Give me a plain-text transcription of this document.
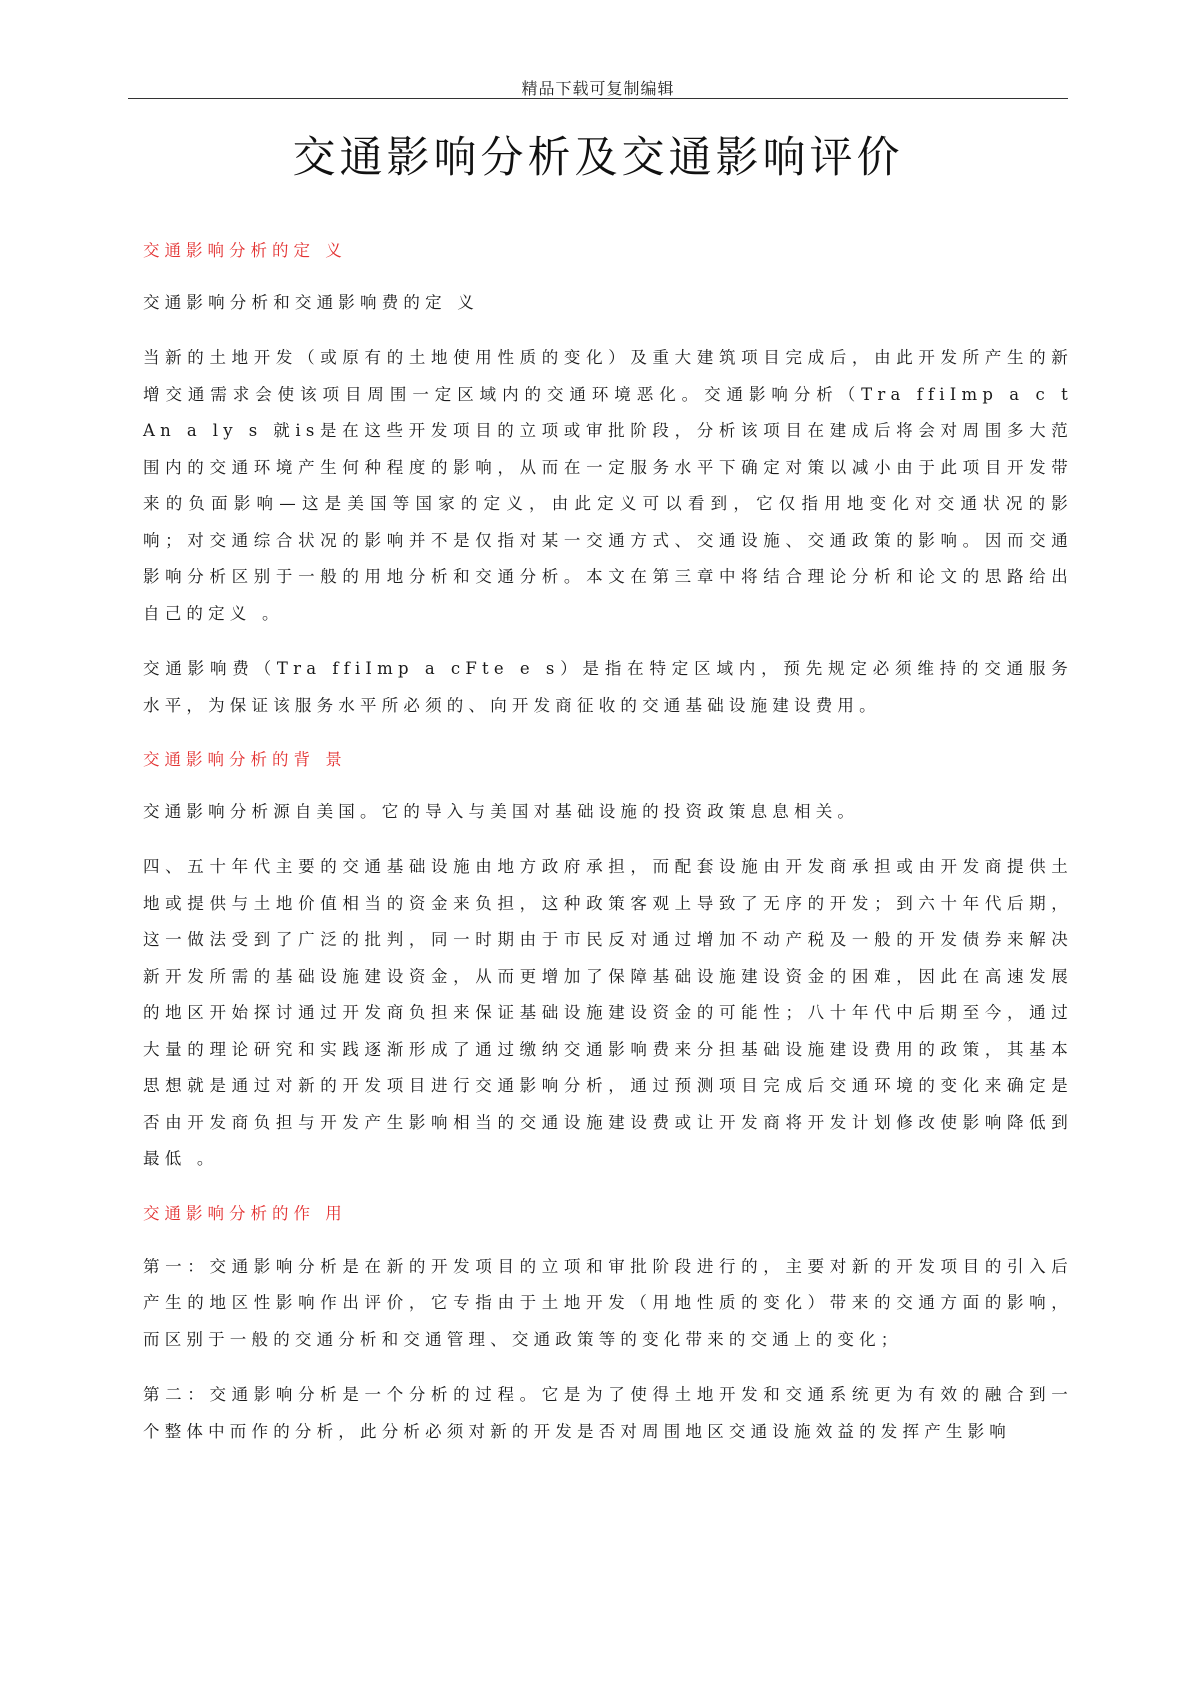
精品下载可复制编辑
交通影响分析及交通影响评价
交通影响分析的定 义

交通影响分析和交通影响费的定 义

当新的土地开发（或原有的土地使用性质的变化）及重大建筑项目完成后，由此开发所产生的新增交通需求会使该项目周围一定区域内的交通环境恶化。交通影响分析（Tra ffiImp a c t An a ly s 就is是在这些开发项目的立项或审批阶段，分析该项目在建成后将会对周围多大范围内的交通环境产生何种程度的影响，从而在一定服务水平下确定对策以减小由于此项目开发带来的负面影响—这是美国等国家的定义，由此定义可以看到，它仅指用地变化对交通状况的影响；对交通综合状况的影响并不是仅指对某一交通方式、交通设施、交通政策的影响。因而交通影响分析区别于一般的用地分析和交通分析。本文在第三章中将结合理论分析和论文的思路给出自己的定义 。

交通影响费（Tra ffiImp a cFte e s）是指在特定区域内，预先规定必须维持的交通服务水平，为保证该服务水平所必须的、向开发商征收的交通基础设施建设费用。

交通影响分析的背 景

交通影响分析源自美国。它的导入与美国对基础设施的投资政策息息相关。

四、五十年代主要的交通基础设施由地方政府承担，而配套设施由开发商承担或由开发商提供土地或提供与土地价值相当的资金来负担，这种政策客观上导致了无序的开发；到六十年代后期，这一做法受到了广泛的批判，同一时期由于市民反对通过增加不动产税及一般的开发债券来解决新开发所需的基础设施建设资金，从而更增加了保障基础设施建设资金的困难，因此在高速发展的地区开始探讨通过开发商负担来保证基础设施建设资金的可能性；八十年代中后期至今，通过大量的理论研究和实践逐渐形成了通过缴纳交通影响费来分担基础设施建设费用的政策，其基本思想就是通过对新的开发项目进行交通影响分析，通过预测项目完成后交通环境的变化来确定是否由开发商负担与开发产生影响相当的交通设施建设费或让开发商将开发计划修改使影响降低到最低 。

交通影响分析的作 用

第一：交通影响分析是在新的开发项目的立项和审批阶段进行的，主要对新的开发项目的引入后产生的地区性影响作出评价，它专指由于土地开发（用地性质的变化）带来的交通方面的影响，而区别于一般的交通分析和交通管理、交通政策等的变化带来的交通上的变化；

第二：交通影响分析是一个分析的过程。它是为了使得土地开发和交通系统更为有效的融合到一个整体中而作的分析，此分析必须对新的开发是否对周围地区交通设施效益的发挥产生影响
